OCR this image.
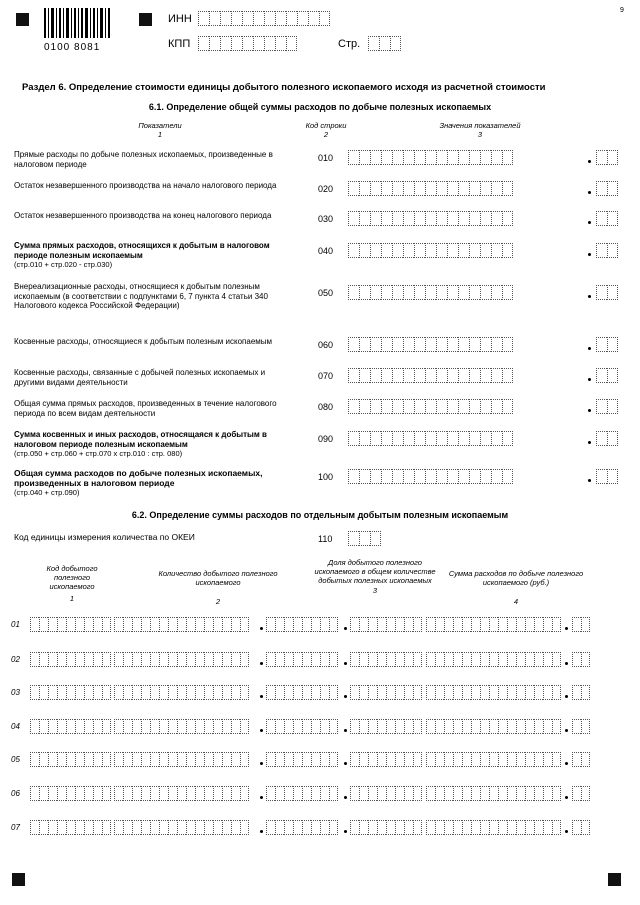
0100 8081
ИНН
КПП	Стр.
9
Раздел 6. Определение стоимости единицы добытого полезного ископаемого исходя из расчетной стоимости
6.1. Определение общей суммы расходов по добыче полезных ископаемых
Показатели
1
Код строки
2
Значения показателей
3
Прямые расходы по добыче полезных ископаемых, произведенные в налоговом периоде
010
Остаток незавершенного производства на начало налогового периода	020
Остаток незавершенного производства на конец налогового периода	030
Сумма прямых расходов, относящихся к добытым в налоговом периоде полезным ископаемым
(стр.010 + стр.020 - стр.030)
040
Внереализационные расходы, относящиеся к добытым полезным ископаемым (в соответствии с подпунктами 6, 7 пункта 4 статьи 340 Налогового кодекса Российской Федерации)
050
Косвенные расходы, относящиеся к добытым полезным ископаемым	060
Косвенные расходы, связанные с добычей полезных ископаемых и другими видами деятельности
070
Общая сумма прямых расходов, произведенных в течение налогового периода по всем видам деятельности
080
Сумма косвенных и иных расходов, относящаяся к добытым в налоговом периоде полезным ископаемым
(стр.050 + стр.060 + стр.070 x стр.010 : стр. 080)
090
Общая сумма расходов по добыче полезных ископаемых, произведенных в налоговом периоде
(стр.040 + стр.090)
100
6.2. Определение суммы расходов по отдельным добытым полезным ископаемым
Код единицы измерения количества по ОКЕИ	110
Код добытого полезного ископаемого
1
Количество добытого полезного ископаемого
2
Доля добытого полезного ископаемого в общем количестве добытых полезных ископаемых
3
Сумма расходов по добыче полезного ископаемого (руб.)
4
01
02
03
04
05
06
07
